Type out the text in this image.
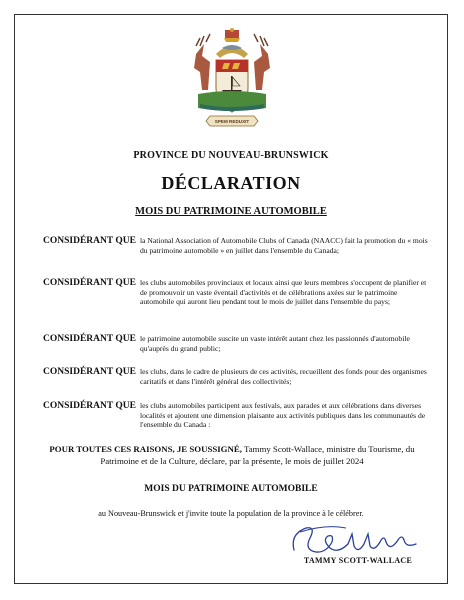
SPEM REDUXIT
PROVINCE DU NOUVEAU-BRUNSWICK
DÉCLARATION
MOIS DU PATRIMOINE AUTOMOBILE
CONSIDÉRANT QUE la National Association of Automobile Clubs of Canada (NAACC) fait la promotion du « mois du patrimoine automobile » en juillet dans l'ensemble du Canada;
CONSIDÉRANT QUE les clubs automobiles provinciaux et locaux ainsi que leurs membres s'occupent de planifier et de promouvoir un vaste éventail d'activités et de célébrations axées sur le patrimoine automobile qui auront lieu pendant tout le mois de juillet dans l'ensemble du pays;
CONSIDÉRANT QUE le patrimoine automobile suscite un vaste intérêt autant chez les passionnés d'automobile qu'auprès du grand public;
CONSIDÉRANT QUE les clubs, dans le cadre de plusieurs de ces activités, recueillent des fonds pour des organismes caritatifs et dans l'intérêt général des collectivités;
CONSIDÉRANT QUE les clubs automobiles participent aux festivals, aux parades et aux célébrations dans diverses localités et ajoutent une dimension plaisante aux activités publiques dans les communautés de l'ensemble du Canada :
POUR TOUTES CES RAISONS, JE SOUSSIGNÉ, Tammy Scott-Wallace, ministre du Tourisme, du Patrimoine et de la Culture, déclare, par la présente, le mois de juillet 2024
MOIS DU PATRIMOINE AUTOMOBILE
au Nouveau-Brunswick et j'invite toute la population de la province à le célébrer.
TAMMY SCOTT-WALLACE
